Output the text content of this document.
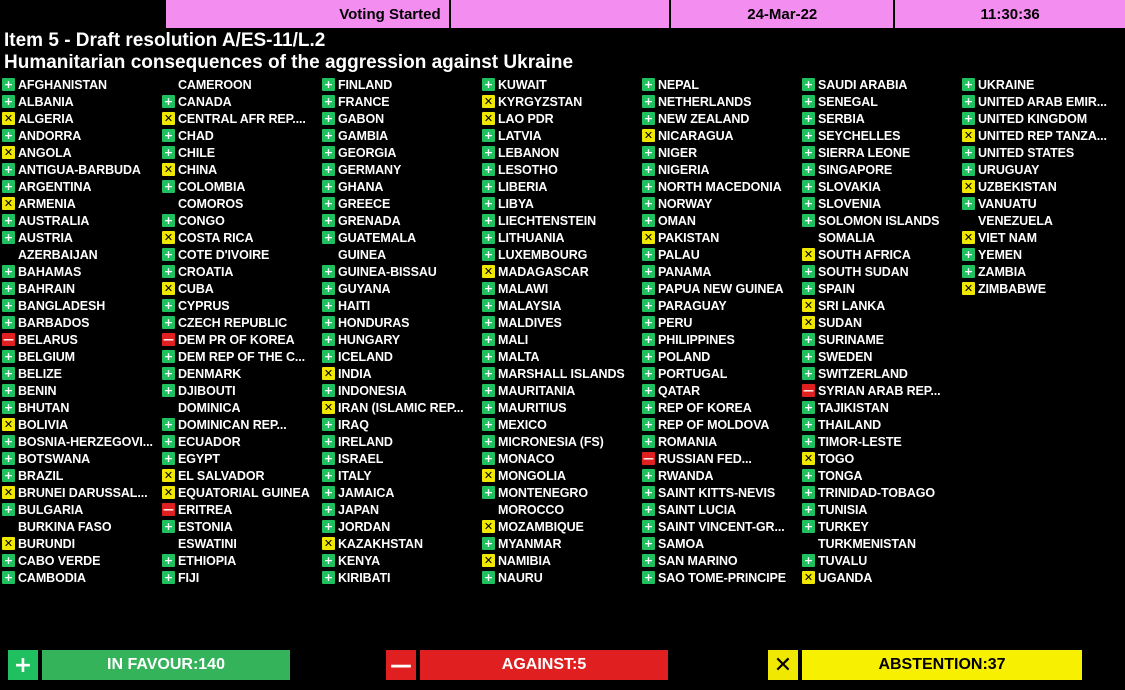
Voting Started	24-Mar-22	11:30:36
Item 5 - Draft resolution A/ES-11/L.2
Humanitarian consequences of the aggression against Ukraine
+ AFGHANISTAN
+ ALBANIA
✕ ALGERIA
+ ANDORRA
✕ ANGOLA
+ ANTIGUA-BARBUDA
+ ARGENTINA
✕ ARMENIA
+ AUSTRALIA
+ AUSTRIA
AZERBAIJAN
+ BAHAMAS
+ BAHRAIN
+ BANGLADESH
+ BARBADOS
— BELARUS
+ BELGIUM
+ BELIZE
+ BENIN
+ BHUTAN
✕ BOLIVIA
+ BOSNIA-HERZEGOVI...
+ BOTSWANA
+ BRAZIL
✕ BRUNEI DARUSSAL...
+ BULGARIA
BURKINA FASO
✕ BURUNDI
+ CABO VERDE
+ CAMBODIA
CAMEROON
+ CANADA
✕ CENTRAL AFR REP....
+ CHAD
+ CHILE
✕ CHINA
+ COLOMBIA
COMOROS
+ CONGO
✕ COSTA RICA
+ COTE D'IVOIRE
+ CROATIA
✕ CUBA
+ CYPRUS
+ CZECH REPUBLIC
— DEM PR OF KOREA
+ DEM REP OF THE C...
+ DENMARK
+ DJIBOUTI
DOMINICA
+ DOMINICAN REP...
+ ECUADOR
+ EGYPT
✕ EL SALVADOR
✕ EQUATORIAL GUINEA
— ERITREA
+ ESTONIA
ESWATINI
+ ETHIOPIA
+ FIJI
+ FINLAND
+ FRANCE
+ GABON
+ GAMBIA
+ GEORGIA
+ GERMANY
+ GHANA
+ GREECE
+ GRENADA
+ GUATEMALA
GUINEA
+ GUINEA-BISSAU
+ GUYANA
+ HAITI
+ HONDURAS
+ HUNGARY
+ ICELAND
✕ INDIA
+ INDONESIA
✕ IRAN (ISLAMIC REP...
+ IRAQ
+ IRELAND
+ ISRAEL
+ ITALY
+ JAMAICA
+ JAPAN
+ JORDAN
✕ KAZAKHSTAN
+ KENYA
+ KIRIBATI
+ KUWAIT
✕ KYRGYZSTAN
✕ LAO PDR
+ LATVIA
+ LEBANON
+ LESOTHO
+ LIBERIA
+ LIBYA
+ LIECHTENSTEIN
+ LITHUANIA
+ LUXEMBOURG
✕ MADAGASCAR
+ MALAWI
+ MALAYSIA
+ MALDIVES
+ MALI
+ MALTA
+ MARSHALL ISLANDS
+ MAURITANIA
+ MAURITIUS
+ MEXICO
+ MICRONESIA (FS)
+ MONACO
✕ MONGOLIA
+ MONTENEGRO
MOROCCO
✕ MOZAMBIQUE
+ MYANMAR
✕ NAMIBIA
+ NAURU
+ NEPAL
+ NETHERLANDS
+ NEW ZEALAND
✕ NICARAGUA
+ NIGER
+ NIGERIA
+ NORTH MACEDONIA
+ NORWAY
+ OMAN
✕ PAKISTAN
+ PALAU
+ PANAMA
+ PAPUA NEW GUINEA
+ PARAGUAY
+ PERU
+ PHILIPPINES
+ POLAND
+ PORTUGAL
+ QATAR
+ REP OF KOREA
+ REP OF MOLDOVA
+ ROMANIA
— RUSSIAN FED...
+ RWANDA
+ SAINT KITTS-NEVIS
+ SAINT LUCIA
+ SAINT VINCENT-GR...
+ SAMOA
+ SAN MARINO
+ SAO TOME-PRINCIPE
+ SAUDI ARABIA
+ SENEGAL
+ SERBIA
+ SEYCHELLES
+ SIERRA LEONE
+ SINGAPORE
+ SLOVAKIA
+ SLOVENIA
+ SOLOMON ISLANDS
SOMALIA
✕ SOUTH AFRICA
+ SOUTH SUDAN
+ SPAIN
✕ SRI LANKA
✕ SUDAN
+ SURINAME
+ SWEDEN
+ SWITZERLAND
— SYRIAN ARAB REP...
+ TAJIKISTAN
+ THAILAND
+ TIMOR-LESTE
✕ TOGO
+ TONGA
+ TRINIDAD-TOBAGO
+ TUNISIA
+ TURKEY
TURKMENISTAN
+ TUVALU
✕ UGANDA
+ UKRAINE
+ UNITED ARAB EMIR...
+ UNITED KINGDOM
✕ UNITED REP TANZA...
+ UNITED STATES
+ URUGUAY
✕ UZBEKISTAN
+ VANUATU
VENEZUELA
✕ VIET NAM
+ YEMEN
+ ZAMBIA
✕ ZIMBABWE
+	IN FAVOUR:140	—	AGAINST:5	✕	ABSTENTION:37
